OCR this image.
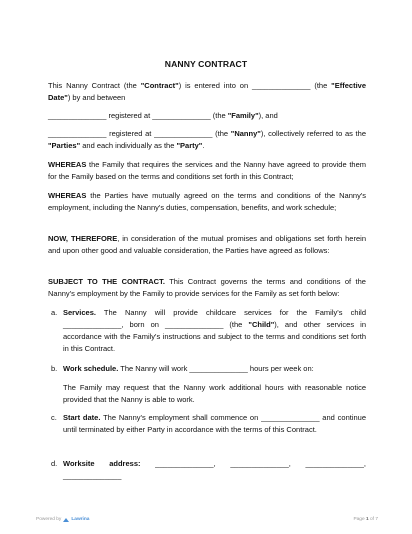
NANNY CONTRACT

This Nanny Contract (the "Contract") is entered into on ______________ (the "Effective Date") by and between

______________ registered at ______________ (the "Family"), and

______________ registered at ______________ (the "Nanny"), collectively referred to as the "Parties" and each individually as the "Party".

WHEREAS the Family that requires the services and the Nanny have agreed to provide them for the Family based on the terms and conditions set forth in this Contract;

WHEREAS the Parties have mutually agreed on the terms and conditions of the Nanny's employment, including the Nanny's duties, compensation, benefits, and work schedule;

NOW, THEREFORE, in consideration of the mutual promises and obligations set forth herein and upon other good and valuable consideration, the Parties have agreed as follows:

SUBJECT TO THE CONTRACT. This Contract governs the terms and conditions of the Nanny's employment by the Family to provide services for the Family as set forth below:

a. Services. The Nanny will provide childcare services for the Family's child ______________, born on ______________ (the "Child"), and other services in accordance with the Family's instructions and subject to the terms and conditions set forth in this Contract.
b. Work schedule. The Nanny will work ______________ hours per week on:
The Family may request that the Nanny work additional hours with reasonable notice provided that the Nanny is able to work.
c. Start date. The Nanny's employment shall commence on ______________ and continue until terminated by either Party in accordance with the terms of this Contract.
d. Worksite address: ______________, ______________, ______________, ______________
Powered by Lawrina	Page 1 of 7
